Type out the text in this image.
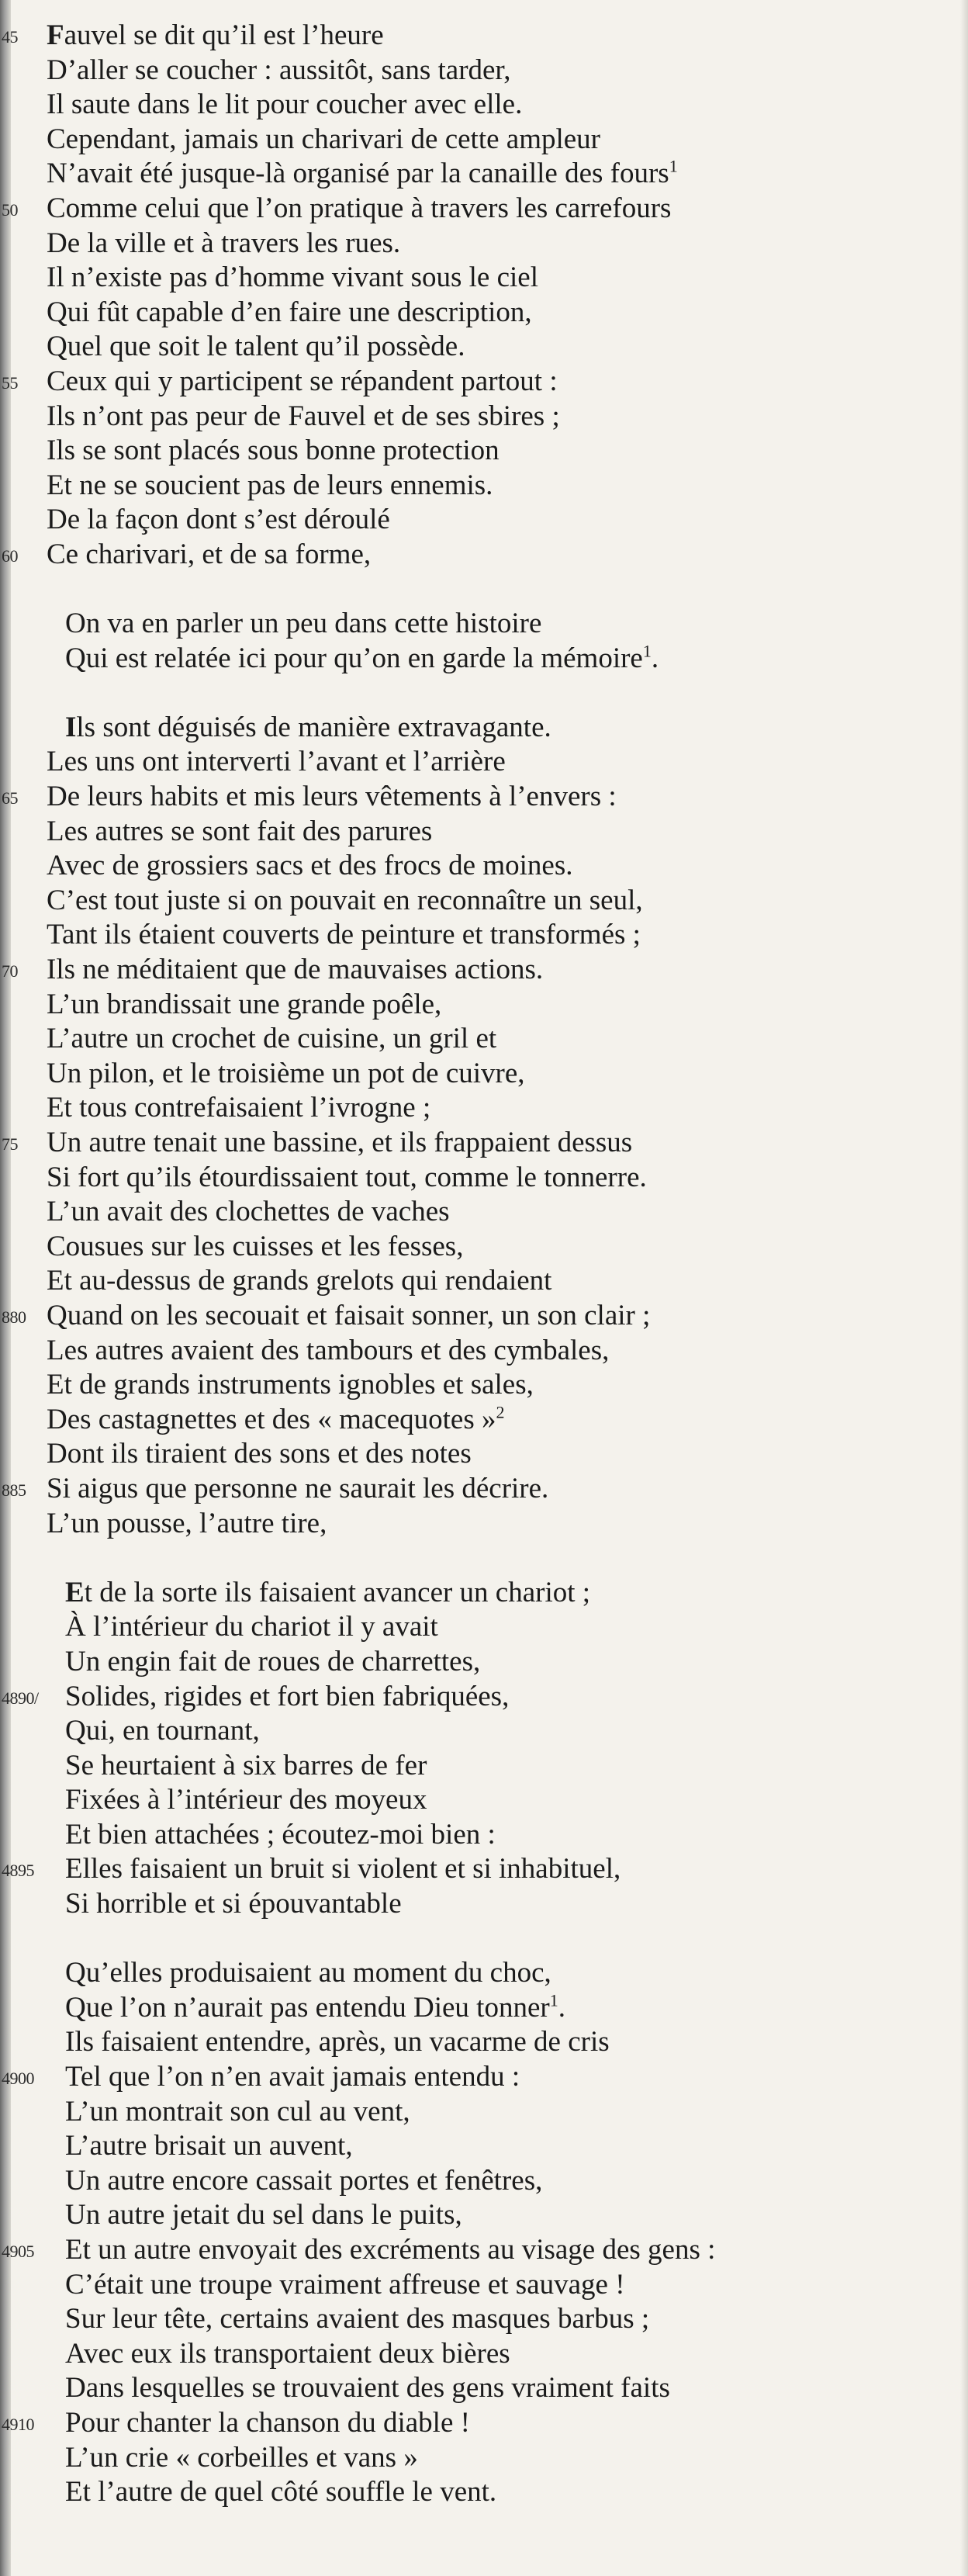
45	Fauvel se dit qu’il est l’heure
D’aller se coucher : aussitôt, sans tarder,
Il saute dans le lit pour coucher avec elle.
Cependant, jamais un charivari de cette ampleur
N’avait été jusque-là organisé par la canaille des fours$^1$
50	Comme celui que l’on pratique à travers les carrefours
De la ville et à travers les rues.
Il n’existe pas d’homme vivant sous le ciel
Qui fût capable d’en faire une description,
Quel que soit le talent qu’il possède.
55	Ceux qui y participent se répandent partout :
Ils n’ont pas peur de Fauvel et de ses sbires ;
Ils se sont placés sous bonne protection
Et ne se soucient pas de leurs ennemis.
De la façon dont s’est déroulé
60	Ce charivari, et de sa forme,
On va en parler un peu dans cette histoire
Qui est relatée ici pour qu’on en garde la mémoire$^1$.
Ils sont déguisés de manière extravagante.
Les uns ont interverti l’avant et l’arrière
65	De leurs habits et mis leurs vêtements à l’envers :
Les autres se sont fait des parures
Avec de grossiers sacs et des frocs de moines.
C’est tout juste si on pouvait en reconnaître un seul,
Tant ils étaient couverts de peinture et transformés ;
70	Ils ne méditaient que de mauvaises actions.
L’un brandissait une grande poêle,
L’autre un crochet de cuisine, un gril et
Un pilon, et le troisième un pot de cuivre,
Et tous contrefaisaient l’ivrogne ;
75	Un autre tenait une bassine, et ils frappaient dessus
Si fort qu’ils étourdissaient tout, comme le tonnerre.
L’un avait des clochettes de vaches
Cousues sur les cuisses et les fesses,
Et au-dessus de grands grelots qui rendaient
880 Quand on les secouait et faisait sonner, un son clair ;
Les autres avaient des tambours et des cymbales,
Et de grands instruments ignobles et sales,
Des castagnettes et des « macequotes »$^2$
Dont ils tiraient des sons et des notes
885 Si aigus que personne ne saurait les décrire.
L’un pousse, l’autre tire,
Et de la sorte ils faisaient avancer un chariot ;
À l’intérieur du chariot il y avait
Un engin fait de roues de charrettes,
4890/ Solides, rigides et fort bien fabriquées,
Qui, en tournant,
Se heurtaient à six barres de fer
Fixées à l’intérieur des moyeux
Et bien attachées ; écoutez-moi bien :
4895	Elles faisaient un bruit si violent et si inhabituel,
Si horrible et si épouvantable
Qu’elles produisaient au moment du choc,
Que l’on n’aurait pas entendu Dieu tonner$^1$.
Ils faisaient entendre, après, un vacarme de cris
4900	Tel que l’on n’en avait jamais entendu :
L’un montrait son cul au vent,
L’autre brisait un auvent,
Un autre encore cassait portes et fenêtres,
Un autre jetait du sel dans le puits,
4905	Et un autre envoyait des excréments au visage des gens :
C’était une troupe vraiment affreuse et sauvage !
Sur leur tête, certains avaient des masques barbus ;
Avec eux ils transportaient deux bières
Dans lesquelles se trouvaient des gens vraiment faits
4910	Pour chanter la chanson du diable !
L’un crie « corbeilles et vans »
Et l’autre de quel côté souffle le vent.
